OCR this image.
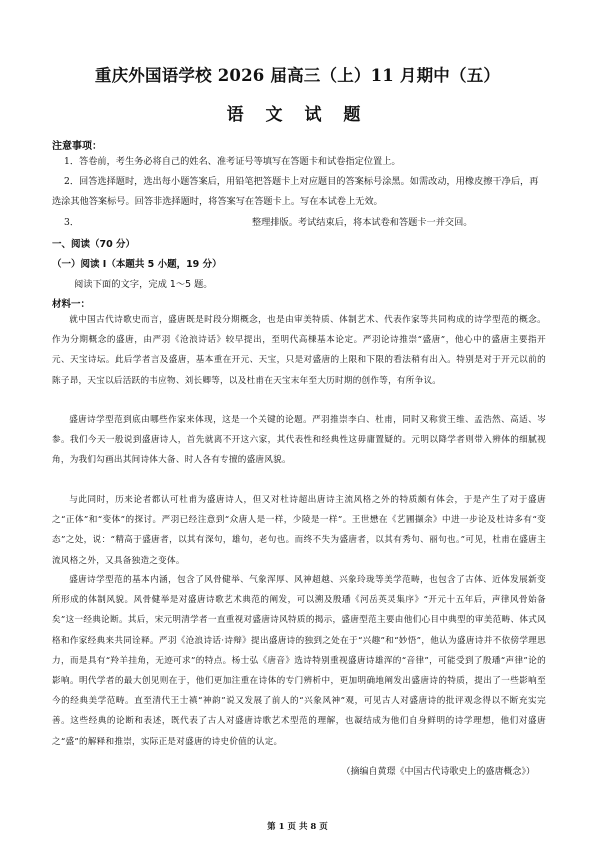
重庆外国语学校 2026 届高三（上）11 月期中（五）
语 文 试 题
注意事项：
1．答卷前，考生务必将自己的姓名、准考证号等填写在答题卡和试卷指定位置上。
2．回答选择题时，选出每小题答案后，用铅笔把答题卡上对应题目的答案标号涂黑。如需改动，用橡皮擦干净后，再选涂其他答案标号。回答非选择题时，将答案写在答题卡上。写在本试卷上无效。
3．	整理排版。考试结束后，将本试卷和答题卡一并交回。
一、阅读（70 分）
（一）阅读 I（本题共 5 小题，19 分）
阅读下面的文字，完成 1～5 题。
材料一：
就中国古代诗歌史而言，盛唐既是时段分期概念，也是由审美特质、体制艺术、代表作家等共同构成的诗学型范的概念。作为分期概念的盛唐，由严羽《沧浪诗话》较早提出，至明代高棅基本论定。严羽论诗推崇“盛唐”，他心中的盛唐主要指开元、天宝诗坛。此后学者言及盛唐，基本重在开元、天宝，只是对盛唐的上限和下限的看法稍有出入。特别是对于开元以前的陈子昂，天宝以后活跃的韦应物、刘长卿等，以及杜甫在天宝末年至大历时期的创作等，有所争议。
盛唐诗学型范到底由哪些作家来体现，这是一个关键的论题。严羽推崇李白、杜甫，同时又称赏王维、孟浩然、高适、岑参。我们今天一般说到盛唐诗人，首先就离不开这六家，其代表性和经典性这毋庸置疑的。元明以降学者则带入辨体的细腻视角，为我们勾画出其间诗体大备、时人各有专擅的盛唐风貌。
与此同时，历来论者都认可杜甫为盛唐诗人，但又对杜诗超出唐诗主流风格之外的特质颇有体会，于是产生了对于盛唐之“正体”和“变体”的探讨。严羽已经注意到“众唐人是一样，少陵是一样”。王世懋在《艺圃撷余》中进一步论及杜诗多有“变态”之处，说：“精高于盛唐者，以其有深句，雄句，老句也。而终不失为盛唐者，以其有秀句、丽句也。”可见，杜甫在盛唐主流风格之外，又具备独造之变体。
盛唐诗学型范的基本内涵，包含了风骨健举、气象浑厚、风神超越、兴象玲珑等美学范畴，也包含了古体、近体发展新变所形成的体制风貌。风骨健举是对盛唐诗歌艺术典范的阐发，可以溯及殷璠《河岳英灵集序》“开元十五年后，声律风骨始备矣”这一经典论断。其后，宋元明清学者一直重视对盛唐诗风特质的揭示，盛唐型范主要由他们心目中典型的审美范畴、体式风格和作家经典来共同诠释。严羽《沧浪诗话·诗辩》提出盛唐诗的独到之处在于“兴趣”和“妙悟”，他认为盛唐诗并不依傍学理思力，而是具有“羚羊挂角，无迹可求”的特点。杨士弘《唐音》选诗特别重视盛唐诗雄浑的“音律”，可能受到了殷璠“声律”论的影响。明代学者的最大创见则在于，他们更加注重在诗体的专门辨析中，更加明确地阐发出盛唐诗的特质，提出了一些影响至今的经典美学范畴。直至清代王士禛“神韵”说又发展了前人的“兴象风神”观，可见古人对盛唐诗的批评观念得以不断充实完善。这些经典的论断和表述，既代表了古人对盛唐诗歌艺术型范的理解，也凝结成为他们自身鲜明的诗学理想，他们对盛唐之“盛”的解释和推崇，实际正是对盛唐的诗史价值的认定。
（摘编自黄璟《中国古代诗歌史上的盛唐概念》）
第 1 页 共 8 页
